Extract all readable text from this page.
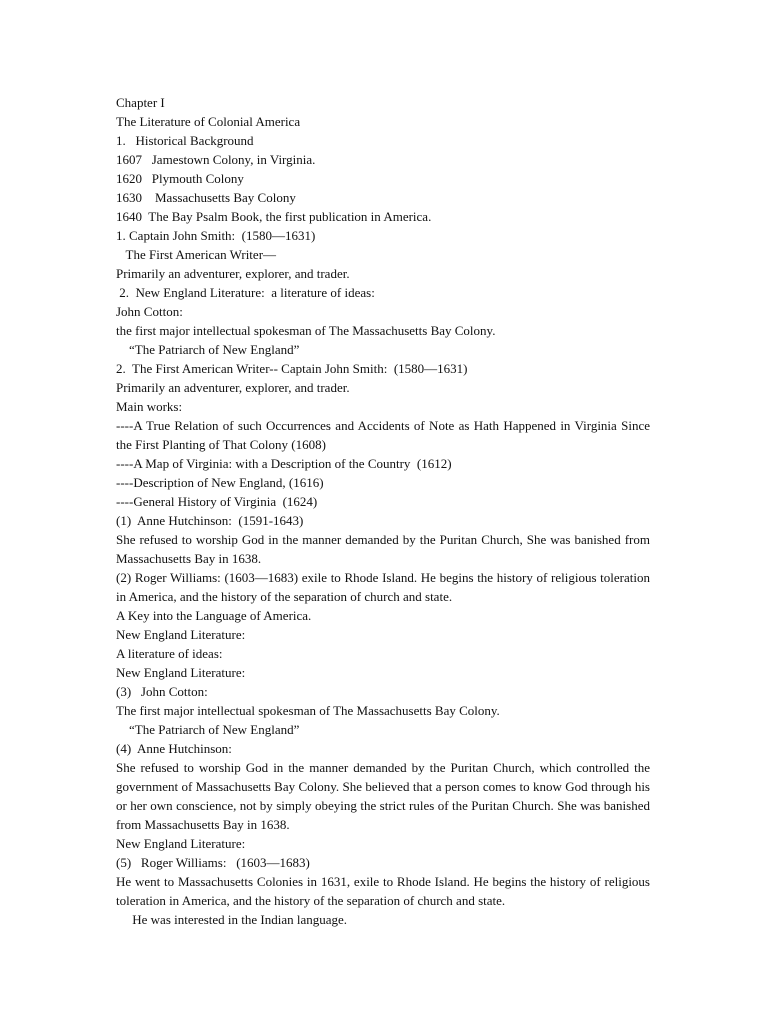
Chapter I
The Literature of Colonial America
1.   Historical Background
1607   Jamestown Colony, in Virginia.
1620   Plymouth Colony
1630    Massachusetts Bay Colony
1640  The Bay Psalm Book, the first publication in America.
1. Captain John Smith:  (1580—1631)
The First American Writer—
Primarily an adventurer, explorer, and trader.
2.  New England Literature:  a literature of ideas:
John Cotton:
the first major intellectual spokesman of The Massachusetts Bay Colony.
“The Patriarch of New England”
2.  The First American Writer-- Captain John Smith:  (1580—1631)
Primarily an adventurer, explorer, and trader.
Main works:
----A True Relation of such Occurrences and Accidents of Note as Hath Happened in Virginia Since the First Planting of That Colony (1608)
----A Map of Virginia: with a Description of the Country  (1612)
----Description of New England, (1616)
----General History of Virginia  (1624)
(1)  Anne Hutchinson:  (1591-1643)
She refused to worship God in the manner demanded by the Puritan Church, She was banished from Massachusetts Bay in 1638.
(2) Roger Williams: (1603—1683) exile to Rhode Island. He begins the history of religious toleration in America, and the history of the separation of church and state.
A Key into the Language of America.
New England Literature:
A literature of ideas:
New England Literature:
(3)   John Cotton:
The first major intellectual spokesman of The Massachusetts Bay Colony.
“The Patriarch of New England”
(4)  Anne Hutchinson:
She refused to worship God in the manner demanded by the Puritan Church, which controlled the government of Massachusetts Bay Colony. She believed that a person comes to know God through his or her own conscience, not by simply obeying the strict rules of the Puritan Church. She was banished from Massachusetts Bay in 1638.
New England Literature:
(5)   Roger Williams:   (1603—1683)
He went to Massachusetts Colonies in 1631, exile to Rhode Island. He begins the history of religious toleration in America, and the history of the separation of church and state.
He was interested in the Indian language.
